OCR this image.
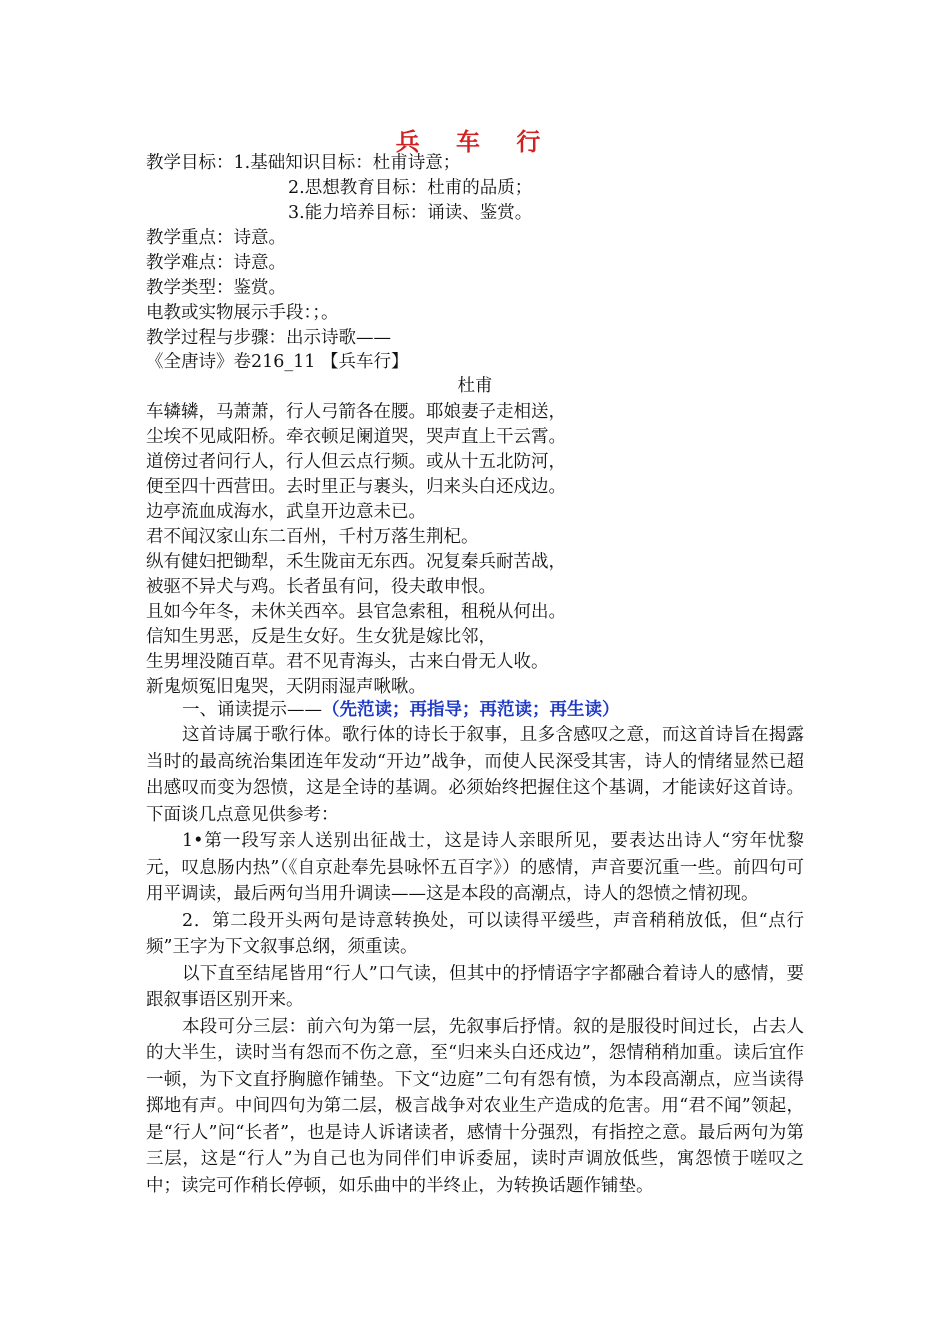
兵 车 行
教学目标：1.基础知识目标：杜甫诗意；
2.思想教育目标：杜甫的品质；
3.能力培养目标：诵读、鉴赏。
教学重点：诗意。
教学难点：诗意。
教学类型：鉴赏。
电教或实物展示手段：；。
教学过程与步骤：出示诗歌——
《全唐诗》卷216_11 【兵车行】
杜甫
车辚辚，马萧萧，行人弓箭各在腰。耶娘妻子走相送，
尘埃不见咸阳桥。牵衣顿足阑道哭，哭声直上干云霄。
道傍过者问行人，行人但云点行频。或从十五北防河，
便至四十西营田。去时里正与裹头，归来头白还戍边。
边亭流血成海水，武皇开边意未已。
君不闻汉家山东二百州，千村万落生荆杞。
纵有健妇把锄犁，禾生陇亩无东西。况复秦兵耐苦战，
被驱不异犬与鸡。长者虽有问，役夫敢申恨。
且如今年冬，未休关西卒。县官急索租，租税从何出。
信知生男恶，反是生女好。生女犹是嫁比邻，
生男埋没随百草。君不见青海头，古来白骨无人收。
新鬼烦冤旧鬼哭，天阴雨湿声啾啾。
一、诵读提示——（先范读；再指导；再范读；再生读）

这首诗属于歌行体。歌行体的诗长于叙事，且多含感叹之意，而这首诗旨在揭露当时的最高统治集团连年发动“开边”战争，而使人民深受其害，诗人的情绪显然已超出感叹而变为怨愤，这是全诗的基调。必须始终把握住这个基调，才能读好这首诗。下面谈几点意见供参考：

1•第一段写亲人送别出征战士，这是诗人亲眼所见，要表达出诗人“穷年忧黎元，叹息肠内热”（《自京赴奉先县咏怀五百字》）的感情，声音要沉重一些。前四句可用平调读，最后两句当用升调读——这是本段的高潮点，诗人的怨愤之情初现。

2．第二段开头两句是诗意转换处，可以读得平缓些，声音稍稍放低，但“点行频”王字为下文叙事总纲，须重读。

以下直至结尾皆用“行人”口气读，但其中的抒情语字字都融合着诗人的感情，要跟叙事语区别开来。

本段可分三层：前六句为第一层，先叙事后抒情。叙的是服役时间过长，占去人的大半生，读时当有怨而不伤之意，至“归来头白还戍边”，怨情稍稍加重。读后宜作一顿，为下文直抒胸臆作铺垫。下文“边庭”二句有怨有愤，为本段高潮点，应当读得掷地有声。中间四句为第二层，极言战争对农业生产造成的危害。用“君不闻”领起，是“行人”问“长者”，也是诗人诉诸读者，感情十分强烈，有指控之意。最后两句为第三层，这是“行人”为自己也为同伴们申诉委屈，读时声调放低些，寓怨愤于嗟叹之中；读完可作稍长停顿，如乐曲中的半终止，为转换话题作铺垫。
